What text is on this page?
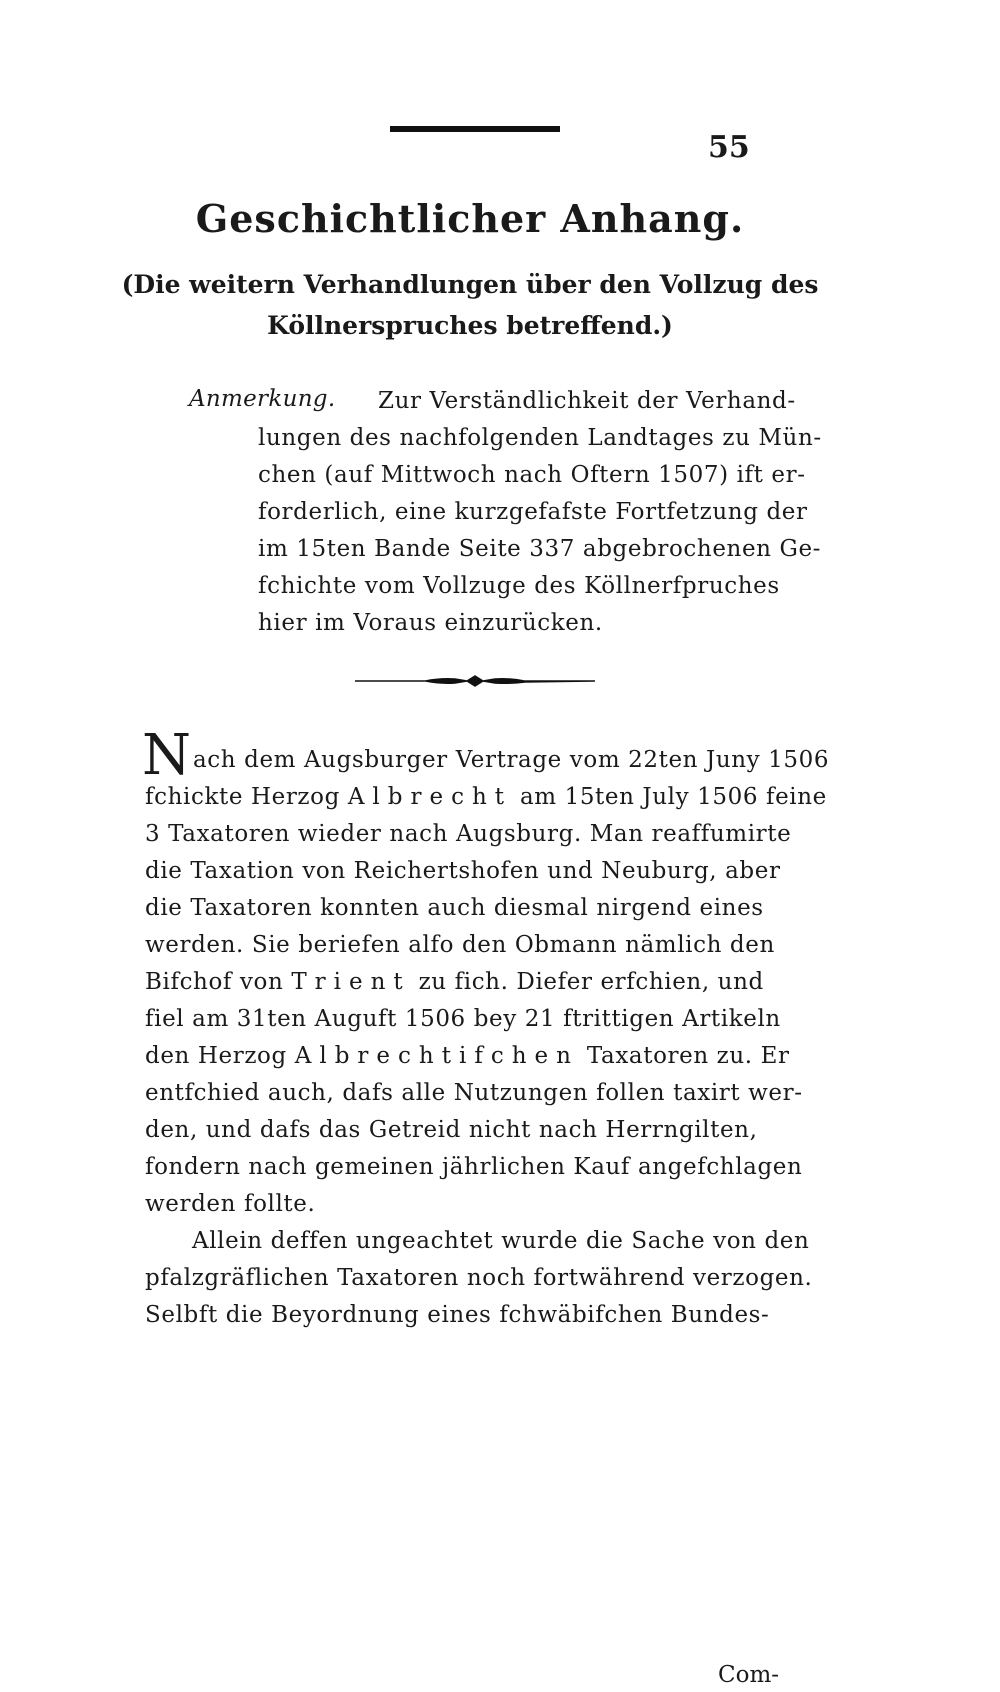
55
Geschichtlicher Anhang.
(Die weitern Verhandlungen über den Vollzug des
Köllnerspruches betreffend.)
Anmerkung. Zur Verständlichkeit der Verhand-
lungen des nachfolgenden Landtages zu Mün-
chen (auf Mittwoch nach Oftern 1507) ift er-
forderlich, eine kurzgefafste Fortfetzung der
im 15ten Bande Seite 337 abgebrochenen Ge-
fchichte vom Vollzuge des Köllnerfpruches
hier im Voraus einzurücken.
N ach dem Augsburger Vertrage vom 22ten Juny 1506
fchickte Herzog Albrecht am 15ten July 1506 feine
3 Taxatoren wieder nach Augsburg. Man reaffumirte
die Taxation von Reichertshofen und Neuburg, aber
die Taxatoren konnten auch diesmal nirgend eines
werden. Sie beriefen alfo den Obmann nämlich den
Bifchof von Trient zu fich. Diefer erfchien, und
fiel am 31ten Auguft 1506 bey 21 ftrittigen Artikeln
den Herzog Albrechtifchen Taxatoren zu. Er
entfchied auch, dafs alle Nutzungen follen taxirt wer-
den, und dafs das Getreid nicht nach Herrngilten,
fondern nach gemeinen jährlichen Kauf angefchlagen
werden follte.
Allein deffen ungeachtet wurde die Sache von den
pfalzgräflichen Taxatoren noch fortwährend verzogen.
Selbft die Beyordnung eines fchwäbifchen Bundes-
Com-
